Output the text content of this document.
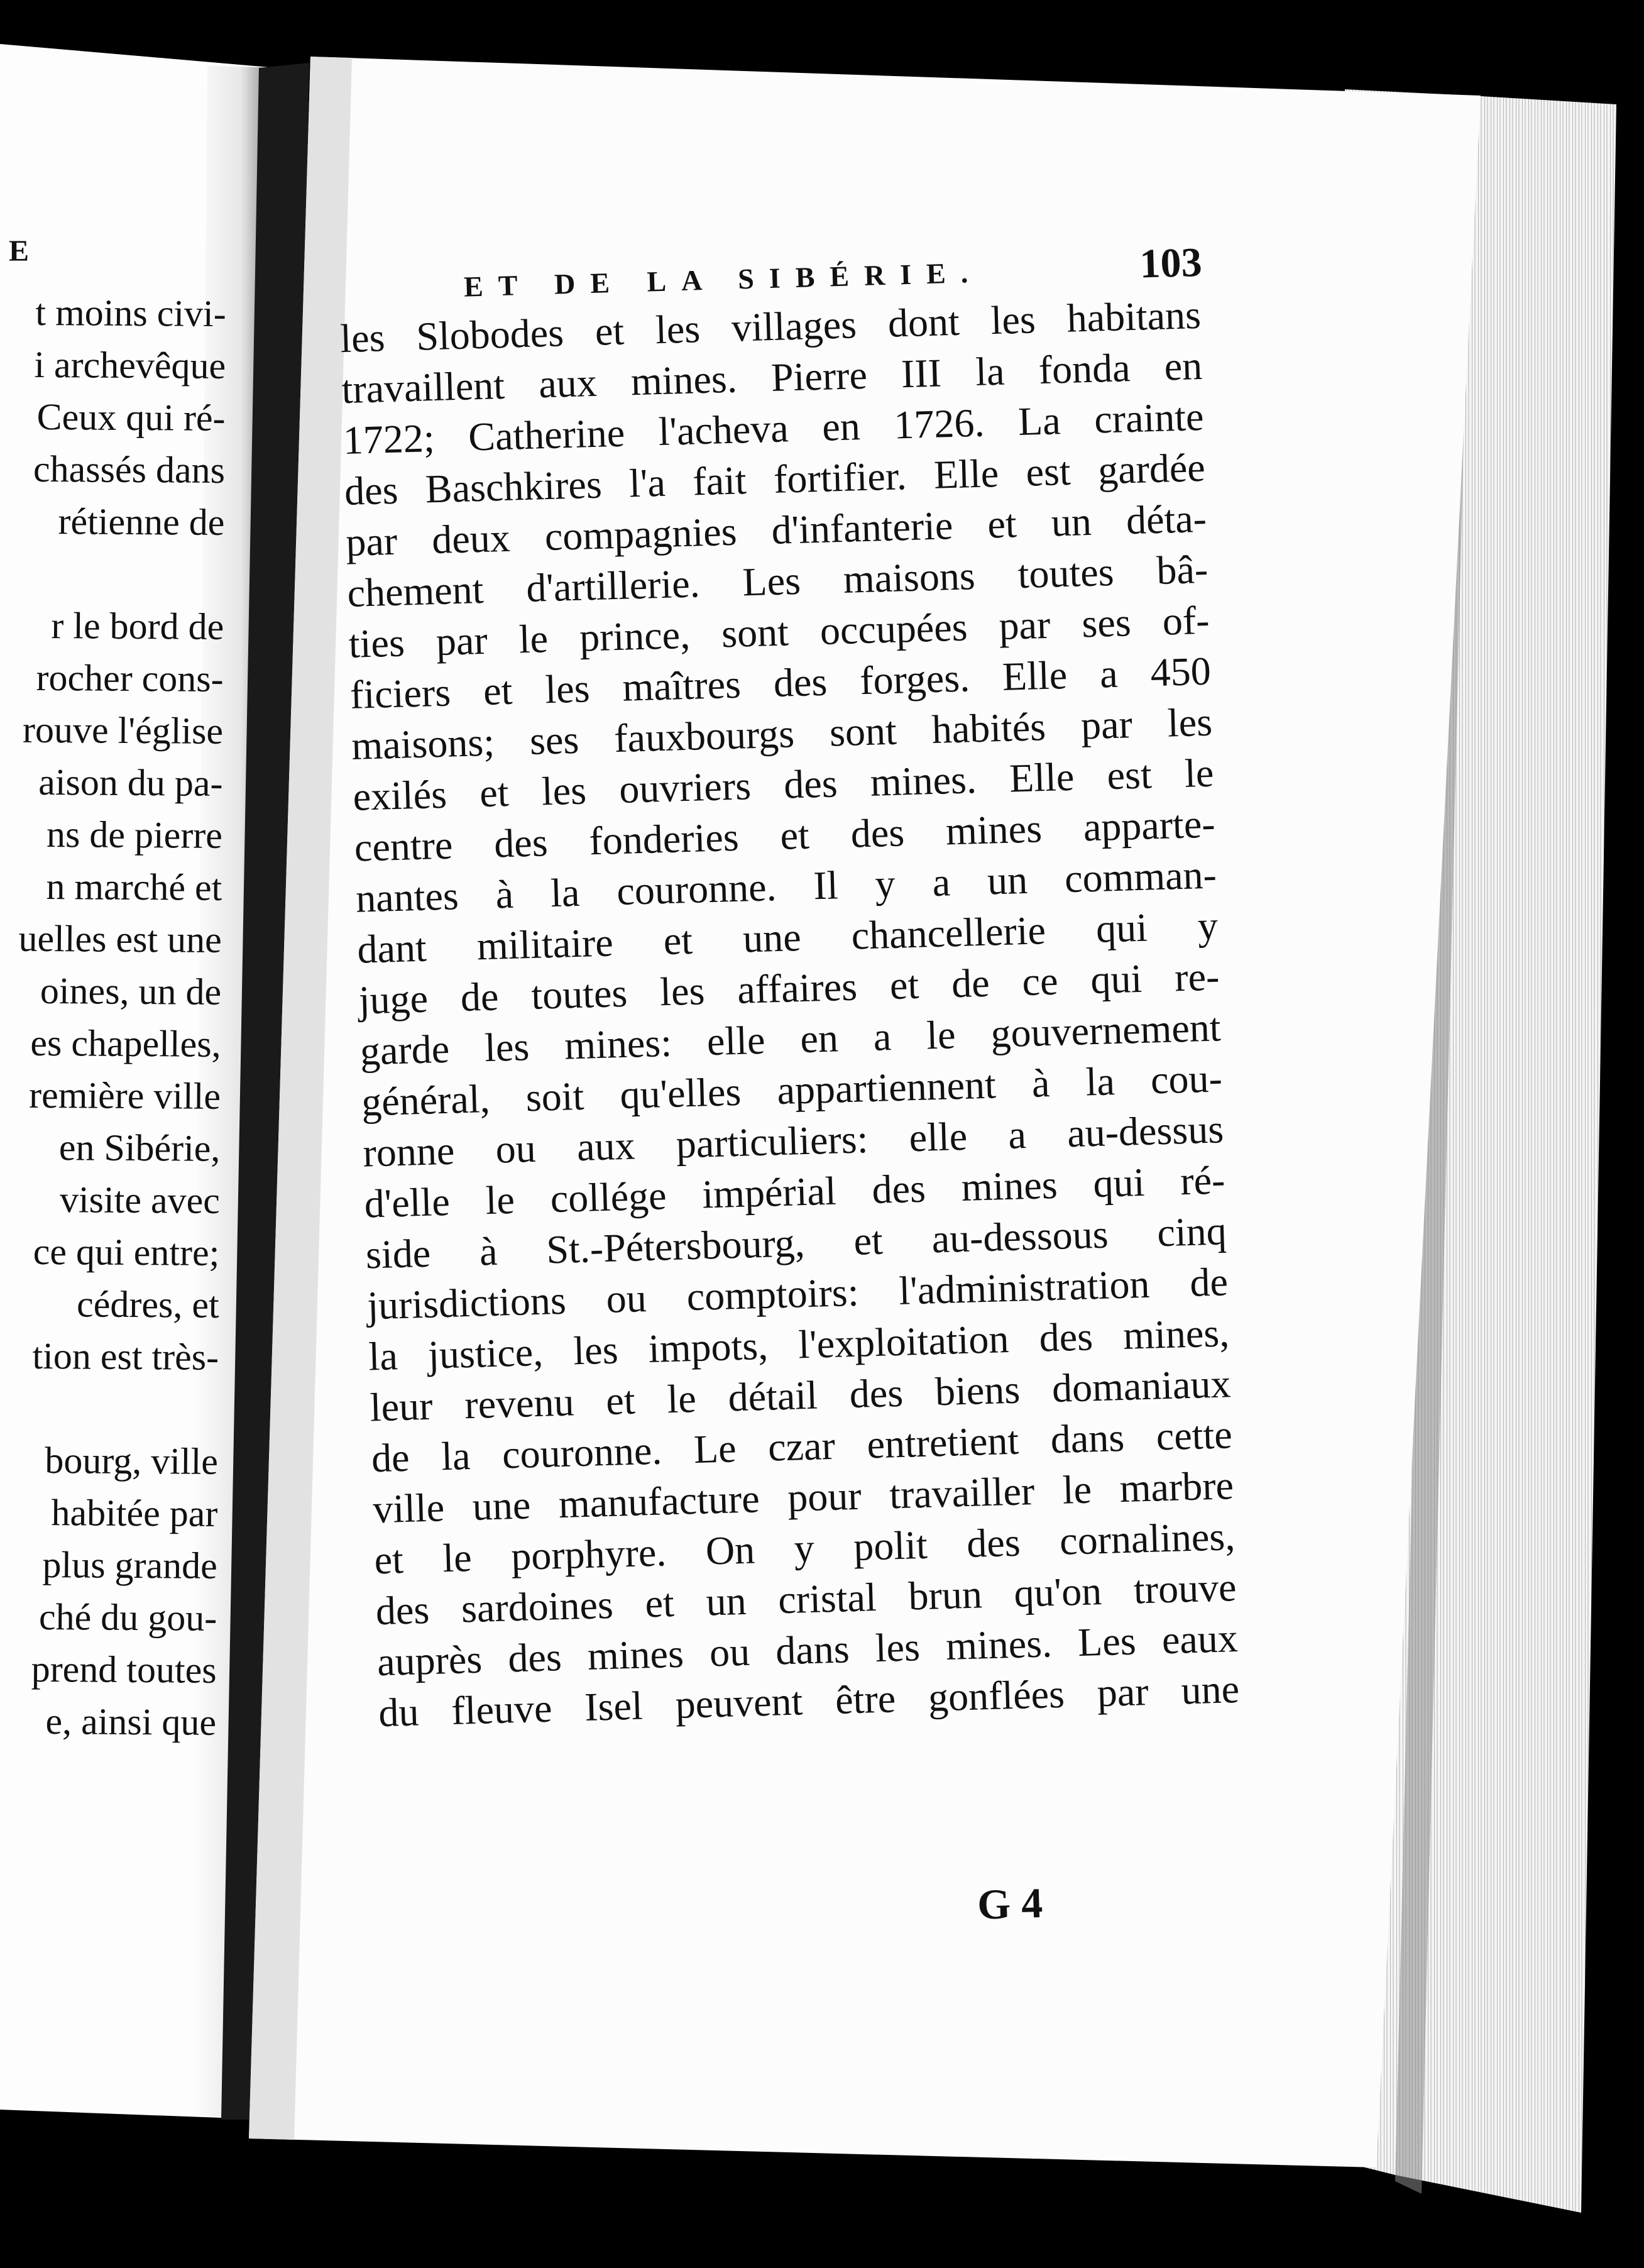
E
t moins civi-
i archevêque
Ceux qui ré-
chassés dans
rétienne de
r le bord de
rocher cons-
rouve l'église
aison du pa-
ns de pierre
n marché et
uelles est une
oines, un de
es chapelles,
remière ville
en Sibérie,
visite avec
ce qui entre;
cédres, et
tion est très-
bourg, ville
habitée par
plus grande
ché du gou-
prend toutes
e, ainsi que
ET DE LA SIBÉRIE.	103
les Slobodes et les villages dont les habitans
travaillent aux mines. Pierre III la fonda en
1722; Catherine l'acheva en 1726. La crainte
des Baschkires l'a fait fortifier. Elle est gardée
par deux compagnies d'infanterie et un déta-
chement d'artillerie. Les maisons toutes bâ-
ties par le prince, sont occupées par ses of-
ficiers et les maîtres des forges. Elle a 450
maisons; ses fauxbourgs sont habités par les
exilés et les ouvriers des mines. Elle est le
centre des fonderies et des mines apparte-
nantes à la couronne. Il y a un comman-
dant militaire et une chancellerie qui y
juge de toutes les affaires et de ce qui re-
garde les mines: elle en a le gouvernement
général, soit qu'elles appartiennent à la cou-
ronne ou aux particuliers: elle a au-dessus
d'elle le collége impérial des mines qui ré-
side à St.-Pétersbourg, et au-dessous cinq
jurisdictions ou comptoirs: l'administration de
la justice, les impots, l'exploitation des mines,
leur revenu et le détail des biens domaniaux
de la couronne. Le czar entretient dans cette
ville une manufacture pour travailler le marbre
et le porphyre. On y polit des cornalines,
des sardoines et un cristal brun qu'on trouve
auprès des mines ou dans les mines. Les eaux
du fleuve Isel peuvent être gonflées par une
G 4
